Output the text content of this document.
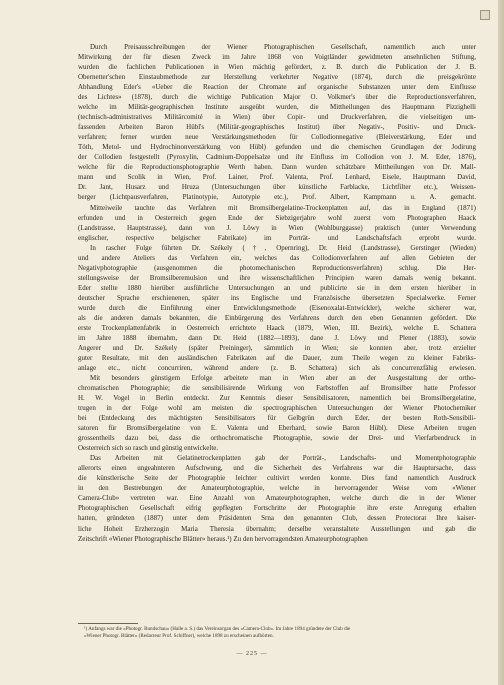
Durch Preisausschreibungen der Wiener Photographischen Gesellschaft, namentlich auch unter
Mitwirkung der für diesen Zweck im Jahre 1868 von Voigtländer gewidmeten ansehnlichen Stiftung,
wurden die fachlichen Publicationen in Wien mächtig gefördert, z. B. durch die Publication der J. B.
Obernetter'schen Einstaubmethode zur Herstellung verkehrter Negative (1874), durch die preisgekrönte
Abhandlung Eder's «Ueber die Reaction der Chromate auf organische Substanzen unter dem Einflusse
des Lichtes» (1878), durch die wichtige Publication Major O. Volkmer's über die Reproductionsverfahren,
welche im Militär-geographischen Institute ausgeübt wurden, die Mittheilungen des Hauptmann Pizzighelli
(technisch-administratives Militärcomité in Wien) über Copir- und Druckverfahren, die vielseitigen um-
fassenden Arbeiten Baron Hübl's (Militär-geographisches Institut) über Negativ-, Positiv- und Druck-
verfahren; ferner wurden neue Verstärkungsmethoden für Collodionnegative (Bleiverstärkung, Eder und
Tóth, Metol- und Hydrochinonverstärkung von Hübl) gefunden und die chemischen Grundlagen der Jodirung
der Collodien festgestellt (Pyroxylin, Cadmium-Doppelsalze und ihr Einfluss im Collodion von J. M. Eder, 1876),
welche für die Reproductionsphotographie Werth haben. Dann wurden schätzbare Mittheilungen von Dr. Mall-
mann und Scolik in Wien, Prof. Lainer, Prof. Valenta, Prof. Lenhard, Eisele, Hauptmann David,
Dr. Jant, Husarz und Hruza (Untersuchungen über künstliche Farblacke, Lichtfilter etc.), Weissen-
berger (Lichtpausverfahren, Platinotypie, Autotypie etc.), Prof. Albert, Kampmann u. A. gemacht.
Mitteiweile tauchte das Verfahren mit Bromsilbergelatine-Trockenplatten auf, das in England (1871)
erfunden und in Oesterreich gegen Ende der Siebzigerjahre wohl zuerst vom Photographen Haack
(Landstrasse, Hauptstrasse), dann von J. Löwy in Wien (Wohlburggasse) praktisch (unter Verwendung
englischer, respective belgischer Fabrikate) im Porträt- und Landschaftsfach erprobt wurde.
In rascher Folge führten Dr. Székely (†, Opernring), Dr. Heid (Landstrasse), Gerstinger (Wieden)
und andere Ateliers das Verfahren ein, welches das Collodionverfahren auf allen Gebieten der
Negativphotographie (ausgenommen die photomechanischen Reproductionsverfahren) schlug. Die Her-
stellungsweise der Bromsilberemulsion und ihre wissenschaftlichen Principien waren damals wenig bekannt.
Eder stellte 1880 hierüber ausführliche Untersuchungen an und publicirte sie in dem ersten hierüber in
deutscher Sprache erschienenen, später ins Englische und Französische übersetzten Specialwerke. Ferner
wurde durch die Einführung einer Entwicklungsmethode (Eisenoxalat-Entwickler), welche sicherer war,
als die anderen damals bekannten, die Einbürgerung des Verfahrens durch den eben Genannten gefördert. Die
erste Trockenplattenfabrik in Oesterreich errichtete Haack (1879, Wien, III. Bezirk), welche E. Schattera
im Jahre 1888 übernahm, dann Dr. Heid (1882—1893), dane J. Löwy und Plener (1883), sowie
Angerer und Dr. Székely (später Preininger), sämmtlich in Wien; sie konnten aber, trotz erzielter
guter Resultate, mit den ausländischen Fabrikaten auf die Dauer, zum Theile wegen zu kleiner Fabriks-
anlage etc., nicht concurriren, während andere (z. B. Schattera) sich als concurrenzfähig erwiesen.
Mit besonders günstigem Erfolge arbeitete man in Wien aber an der Ausgestaltung der ortho-
chromatischen Photographie; die sensibilisirende Wirkung von Farbstoffen auf Bromsilber hatte Professor
H. W. Vogel in Berlin entdeckt. Zur Kenntnis dieser Sensibilisatoren, namentlich bei Bromsilbergelatine,
trugen in der Folge wohl am meisten die spectrographischen Untersuchungen der Wiener Photochemiker
bei (Entdeckung des mächtigsten Sensibilisators für Gelbgrün durch Eder, der besten Roth-Sensibili-
satoren für Bromsilbergelatine von E. Valenta und Eberhard, sowie Baron Hübl). Diese Arbeiten trugen
grossentheils dazu bei, dass die orthochromatische Photographie, sowie der Drei- und Vierfarbendruck in
Oesterreich sich so rasch und günstig entwickelte.
Das Arbeiten mit Gelatinetrockenplatten gab der Porträt-, Landschafts- und Momentphotographie
allerorts einen ungeahnteren Aufschwung, und die Sicherheit des Verfahrens war die Hauptursache, dass
die künstlerische Seite der Photographie leichter cultivirt werden konnte. Dies fand namentlich Ausdruck
in den Bestrebungen der Amateurphotographie, welche in hervorragender Weise vom «Wiener
Camera-Club» vertreten war. Eine Anzahl von Amateurphotographen, welche durch die in der Wiener
Photographischen Gesellschaft eifrig gepflegten Fortschritte der Photographie ihre erste Anregung erhalten
hatten, gründeten (1887) unter dem Präsidenten Srna den genannten Club, dessen Protectorat Ihre kaiser-
liche Hoheit Erzherzogin Maria Theresia übernahm; derselbe veranstaltete Ausstellungen und gab die
Zeitschrift «Wiener Photographische Blätter» heraus.¹) Zu den hervorragendsten Amateurphotographen
¹) Anfangs war die «Photogr. Rundschau» (Halle a. S.) das Vereinsorgan des «Camera-Club». Im Jahre 1894 gründete der Club die
«Wiener Photogr. Blätter» (Redacteur Prof. Schiffner), welche 1898 zu erscheinen aufhörten.
— 225 —
